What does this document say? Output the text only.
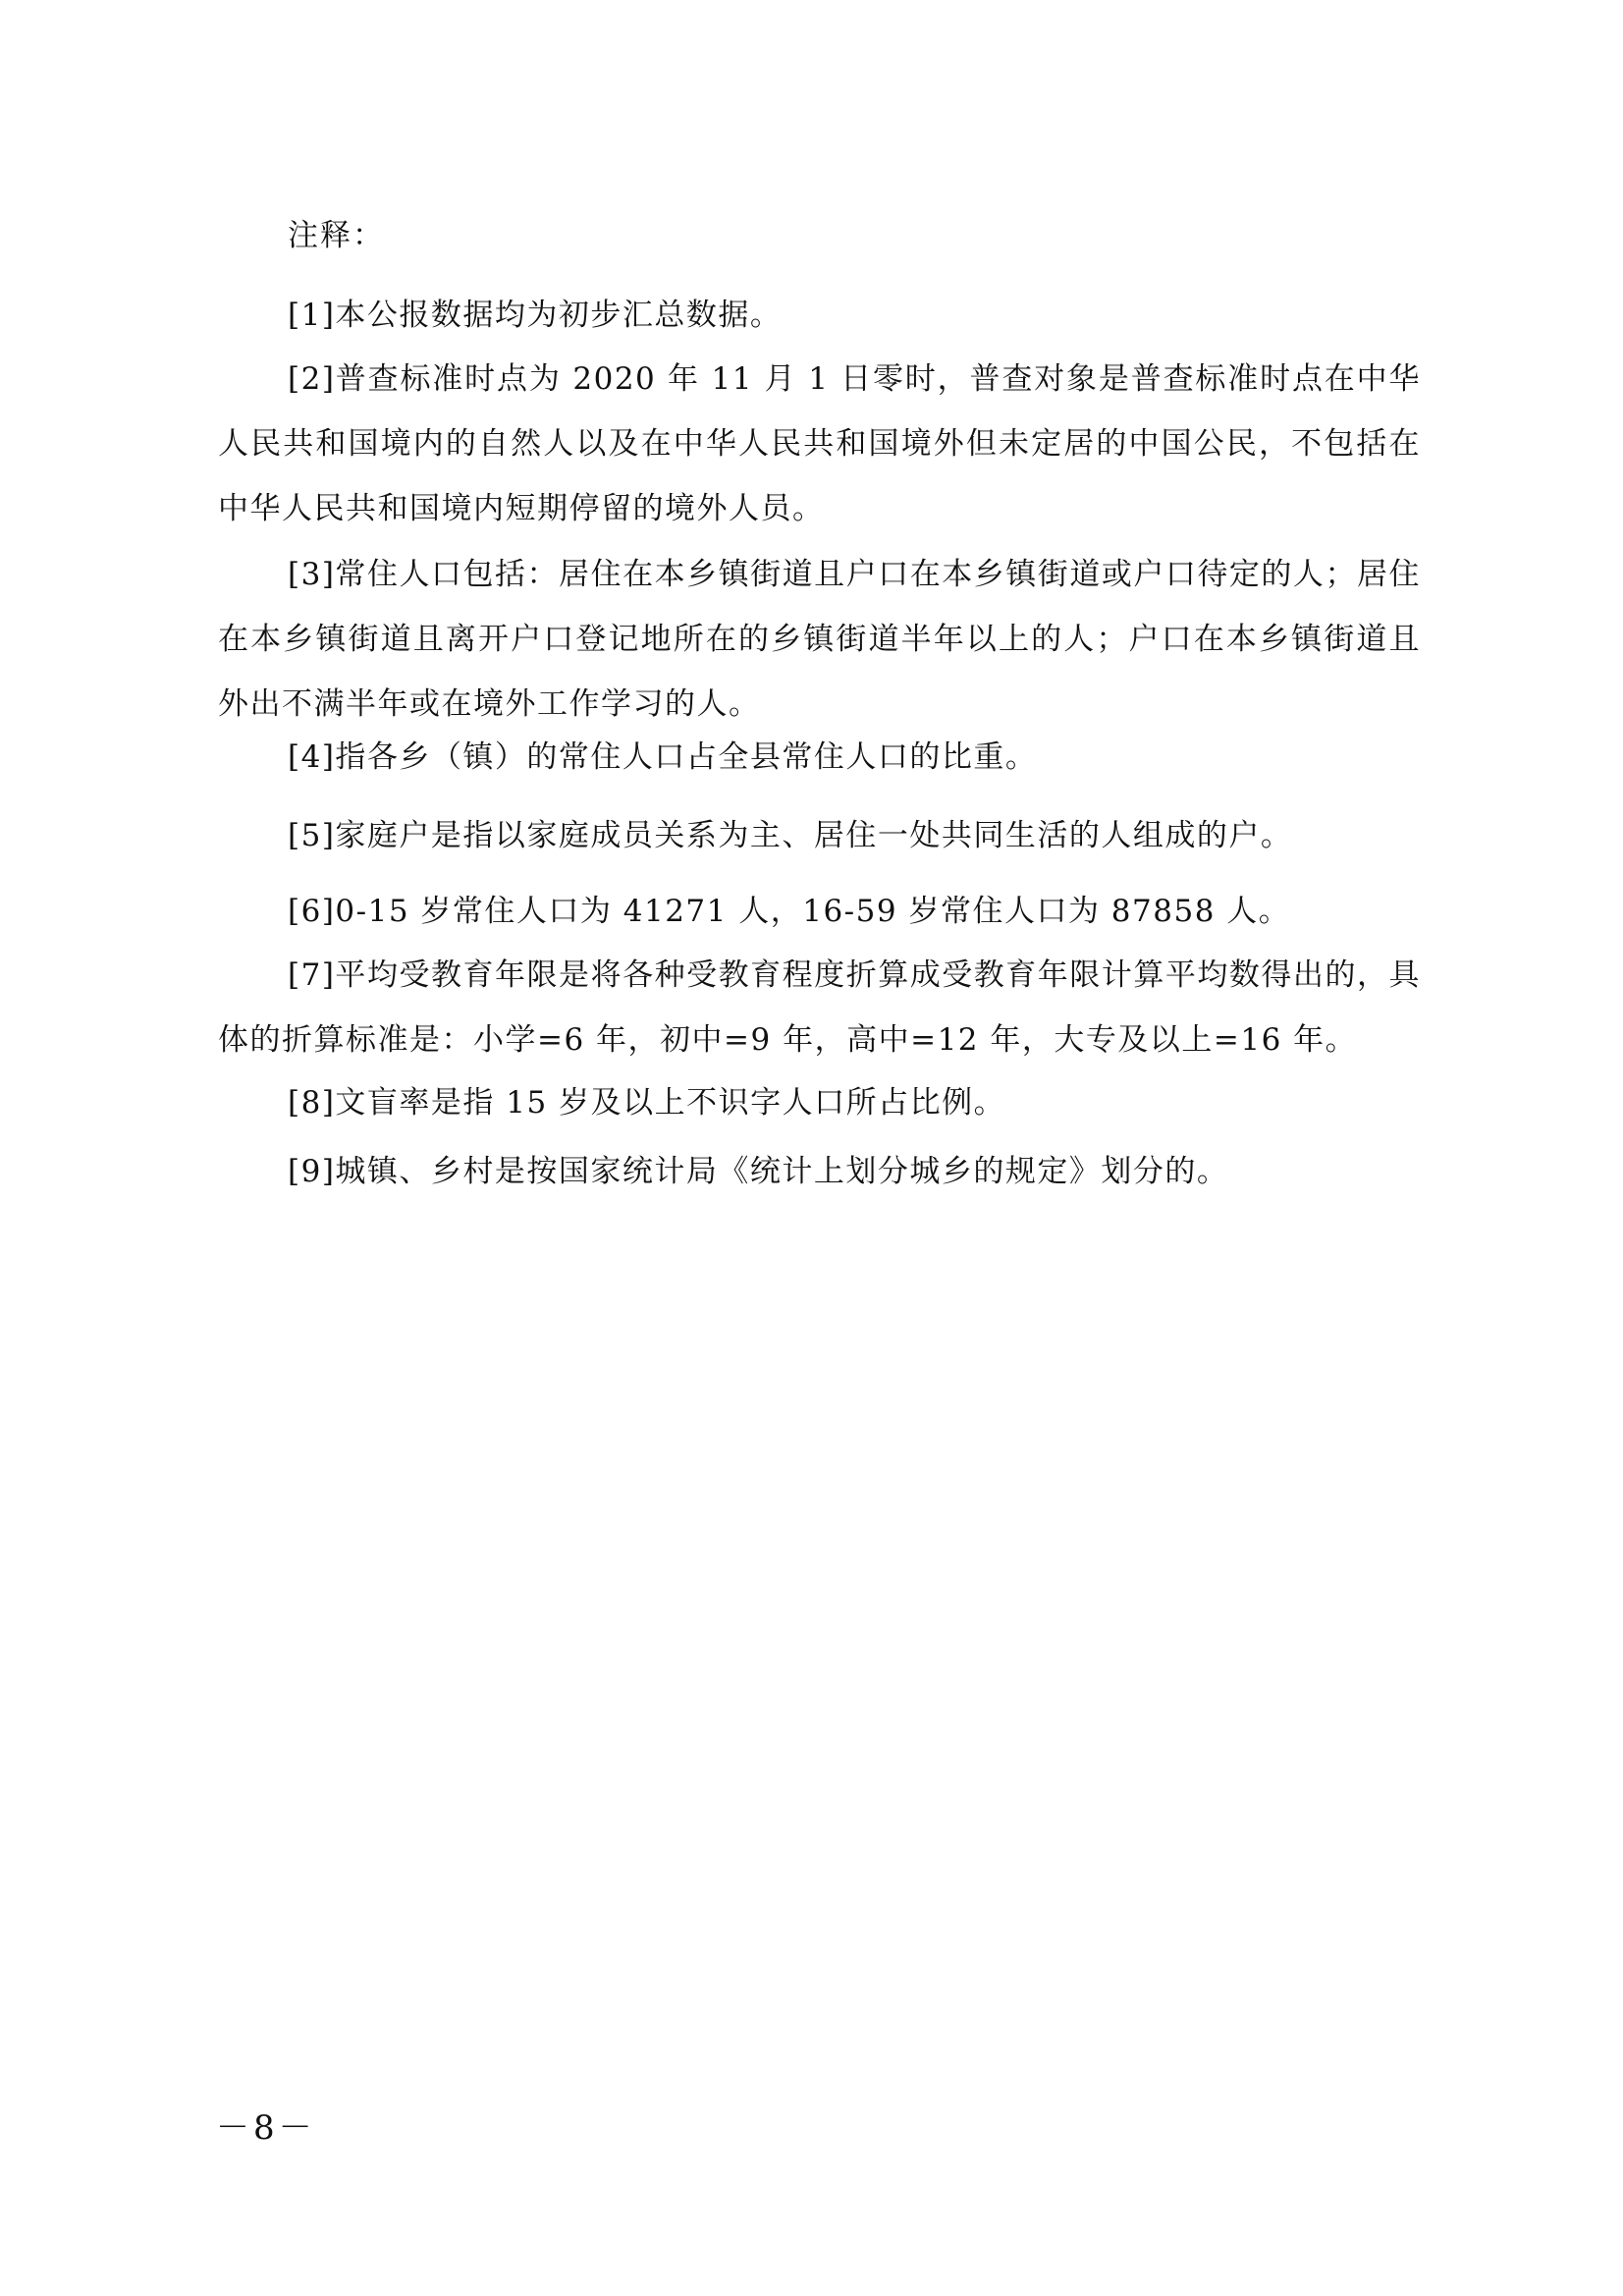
注释：

[1]本公报数据均为初步汇总数据。

[2]普查标准时点为 2020 年 11 月 1 日零时，普查对象是普查标准时点在中华人民共和国境内的自然人以及在中华人民共和国境外但未定居的中国公民，不包括在中华人民共和国境内短期停留的境外人员。

[3]常住人口包括：居住在本乡镇街道且户口在本乡镇街道或户口待定的人；居住在本乡镇街道且离开户口登记地所在的乡镇街道半年以上的人；户口在本乡镇街道且外出不满半年或在境外工作学习的人。

[4]指各乡（镇）的常住人口占全县常住人口的比重。

[5]家庭户是指以家庭成员关系为主、居住一处共同生活的人组成的户。

[6]0-15 岁常住人口为 41271 人，16-59 岁常住人口为 87858 人。

[7]平均受教育年限是将各种受教育程度折算成受教育年限计算平均数得出的，具体的折算标准是：小学=6 年，初中=9 年，高中=12 年，大专及以上=16 年。

[8]文盲率是指 15 岁及以上不识字人口所占比例。

[9]城镇、乡村是按国家统计局《统计上划分城乡的规定》划分的。

－8－
